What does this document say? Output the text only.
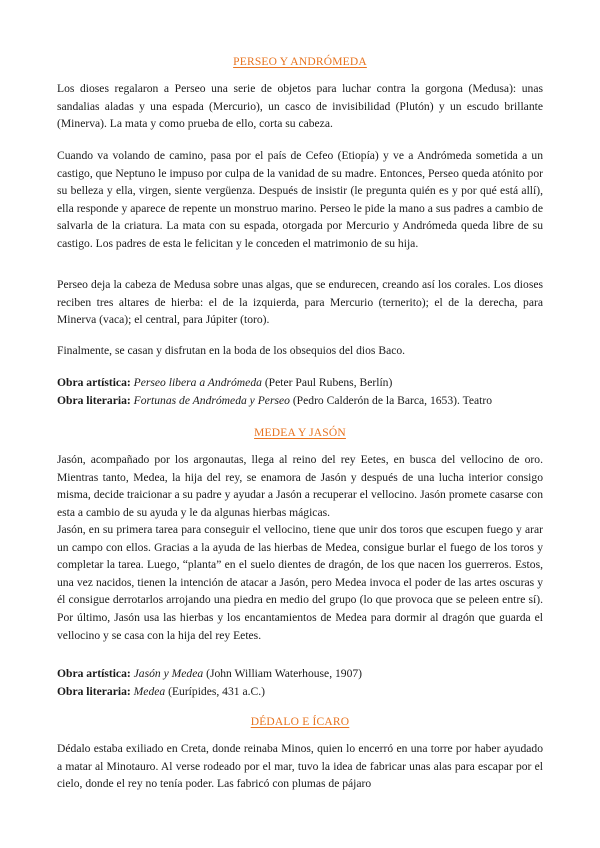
PERSEO Y ANDRÓMEDA

Los dioses regalaron a Perseo una serie de objetos para luchar contra la gorgona (Medusa): unas sandalias aladas y una espada (Mercurio), un casco de invisibilidad (Plutón) y un escudo brillante (Minerva). La mata y como prueba de ello, corta su cabeza.

Cuando va volando de camino, pasa por el país de Cefeo (Etiopía) y ve a Andrómeda sometida a un castigo, que Neptuno le impuso por culpa de la vanidad de su madre. Entonces, Perseo queda atónito por su belleza y ella, virgen, siente vergüenza. Después de insistir (le pregunta quién es y por qué está allí), ella responde y aparece de repente un monstruo marino. Perseo le pide la mano a sus padres a cambio de salvarla de la criatura. La mata con su espada, otorgada por Mercurio y Andrómeda queda libre de su castigo. Los padres de esta le felicitan y le conceden el matrimonio de su hija.

Perseo deja la cabeza de Medusa sobre unas algas, que se endurecen, creando así los corales. Los dioses reciben tres altares de hierba: el de la izquierda, para Mercurio (ternerito); el de la derecha, para Minerva (vaca); el central, para Júpiter (toro).

Finalmente, se casan y disfrutan en la boda de los obsequios del dios Baco.

Obra artística: Perseo libera a Andrómeda (Peter Paul Rubens, Berlín)

Obra literaria: Fortunas de Andrómeda y Perseo (Pedro Calderón de la Barca, 1653). Teatro

MEDEA Y JASÓN

Jasón, acompañado por los argonautas, llega al reino del rey Eetes, en busca del vellocino de oro. Mientras tanto, Medea, la hija del rey, se enamora de Jasón y después de una lucha interior consigo misma, decide traicionar a su padre y ayudar a Jasón a recuperar el vellocino. Jasón promete casarse con esta a cambio de su ayuda y le da algunas hierbas mágicas.

Jasón, en su primera tarea para conseguir el vellocino, tiene que unir dos toros que escupen fuego y arar un campo con ellos. Gracias a la ayuda de las hierbas de Medea, consigue burlar el fuego de los toros y completar la tarea. Luego, “planta” en el suelo dientes de dragón, de los que nacen los guerreros. Estos, una vez nacidos, tienen la intención de atacar a Jasón, pero Medea invoca el poder de las artes oscuras y él consigue derrotarlos arrojando una piedra en medio del grupo (lo que provoca que se peleen entre sí). Por último, Jasón usa las hierbas y los encantamientos de Medea para dormir al dragón que guarda el vellocino y se casa con la hija del rey Eetes.

Obra artística: Jasón y Medea (John William Waterhouse, 1907)

Obra literaria: Medea (Eurípides, 431 a.C.)

DÉDALO E ÍCARO

Dédalo estaba exiliado en Creta, donde reinaba Minos, quien lo encerró en una torre por haber ayudado a matar al Minotauro. Al verse rodeado por el mar, tuvo la idea de fabricar unas alas para escapar por el cielo, donde el rey no tenía poder. Las fabricó con plumas de pájaro
